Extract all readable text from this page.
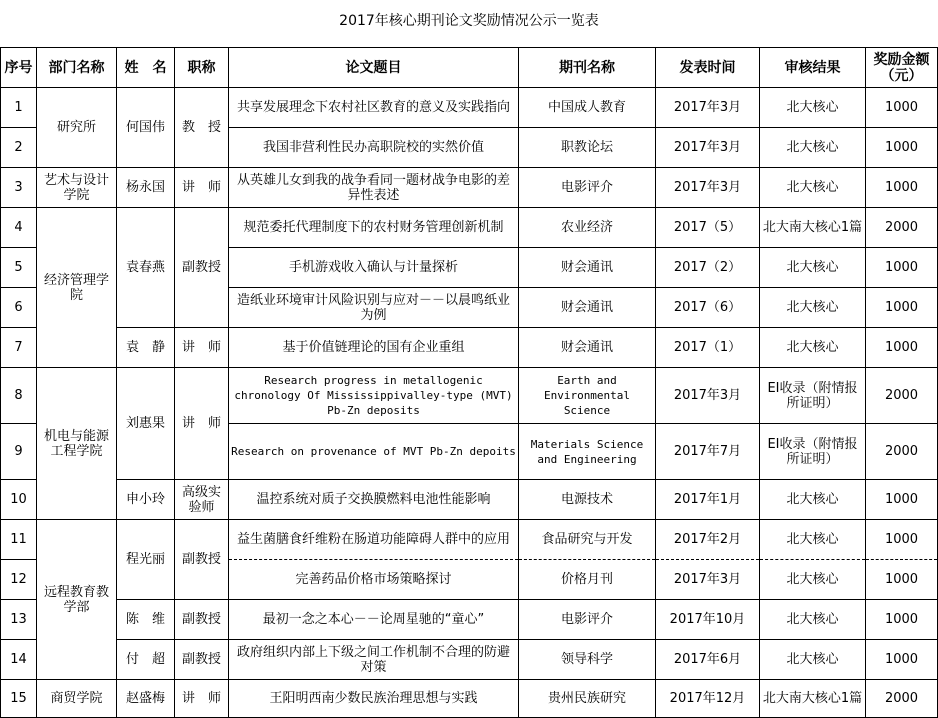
2017年核心期刊论文奖励情况公示一览表
序号	部门名称	姓　名	职称	论文题目	期刊名称	发表时间	审核结果	奖励金额（元）
1	研究所	何国伟	教　授	共享发展理念下农村社区教育的意义及实践指向	中国成人教育	2017年3月	北大核心	1000
2				我国非营利性民办高职院校的实然价值	职教论坛	2017年3月	北大核心	1000
3	艺术与设计学院	杨永国	讲　师	从英雄儿女到我的战争看同一题材战争电影的差异性表述	电影评介	2017年3月	北大核心	1000
4	经济管理学院	袁春燕	副教授	规范委托代理制度下的农村财务管理创新机制	农业经济	2017（5）	北大南大核心1篇	2000
5				手机游戏收入确认与计量探析	财会通讯	2017（2）	北大核心	1000
6				造纸业环境审计风险识别与应对－－以晨鸣纸业为例	财会通讯	2017（6）	北大核心	1000
7		袁　静	讲　师	基于价值链理论的国有企业重组	财会通讯	2017（1）	北大核心	1000
8	机电与能源工程学院	刘惠果	讲　师	Research progress in metallogenic chronology Of Mississippivalley-type (MVT) Pb-Zn deposits	Earth and Environmental Science	2017年3月	EI收录（附情报所证明）	2000
9				Research on provenance of MVT Pb-Zn depoits	Materials Science and Engineering	2017年7月	EI收录（附情报所证明）	2000
10		申小玲	高级实验师	温控系统对质子交换膜燃料电池性能影响	电源技术	2017年1月	北大核心	1000
11	远程教育教学部	程光丽	副教授	益生菌膳食纤维粉在肠道功能障碍人群中的应用	食品研究与开发	2017年2月	北大核心	1000
12				完善药品价格市场策略探讨	价格月刊	2017年3月	北大核心	1000
13		陈　维	副教授	最初一念之本心－－论周星驰的“童心”	电影评介	2017年10月	北大核心	1000
14		付　超	副教授	政府组织内部上下级之间工作机制不合理的防避对策	领导科学	2017年6月	北大核心	1000
15	商贸学院	赵盛梅	讲　师	王阳明西南少数民族治理思想与实践	贵州民族研究	2017年12月	北大南大核心1篇	2000
